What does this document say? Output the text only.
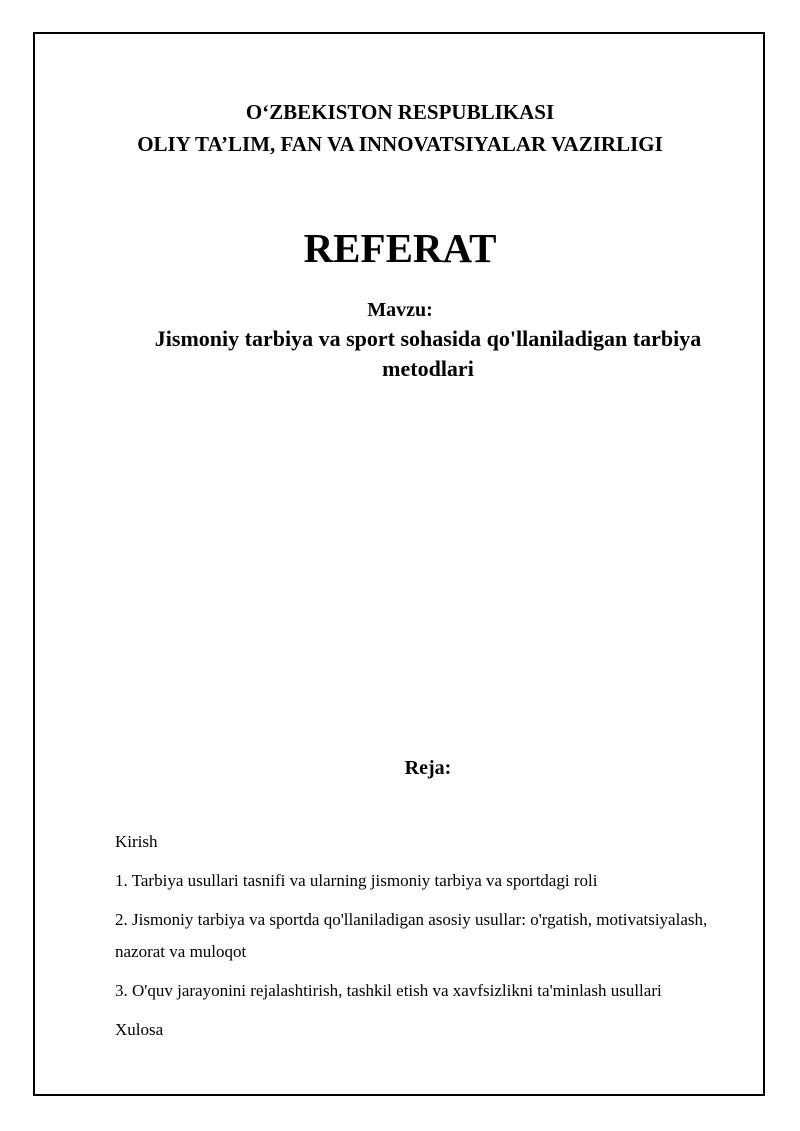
O‘ZBEKISTON RESPUBLIKASI
OLIY TA’LIM, FAN VA INNOVATSIYALAR VAZIRLIGI
REFERAT
Mavzu:
Jismoniy tarbiya va sport sohasida qo'llaniladigan tarbiya metodlari
Reja:
Kirish
1. Tarbiya usullari tasnifi va ularning jismoniy tarbiya va sportdagi roli
2. Jismoniy tarbiya va sportda qo'llaniladigan asosiy usullar: o'rgatish, motivatsiyalash, nazorat va muloqot
3. O'quv jarayonini rejalashtirish, tashkil etish va xavfsizlikni ta'minlash usullari
Xulosa
